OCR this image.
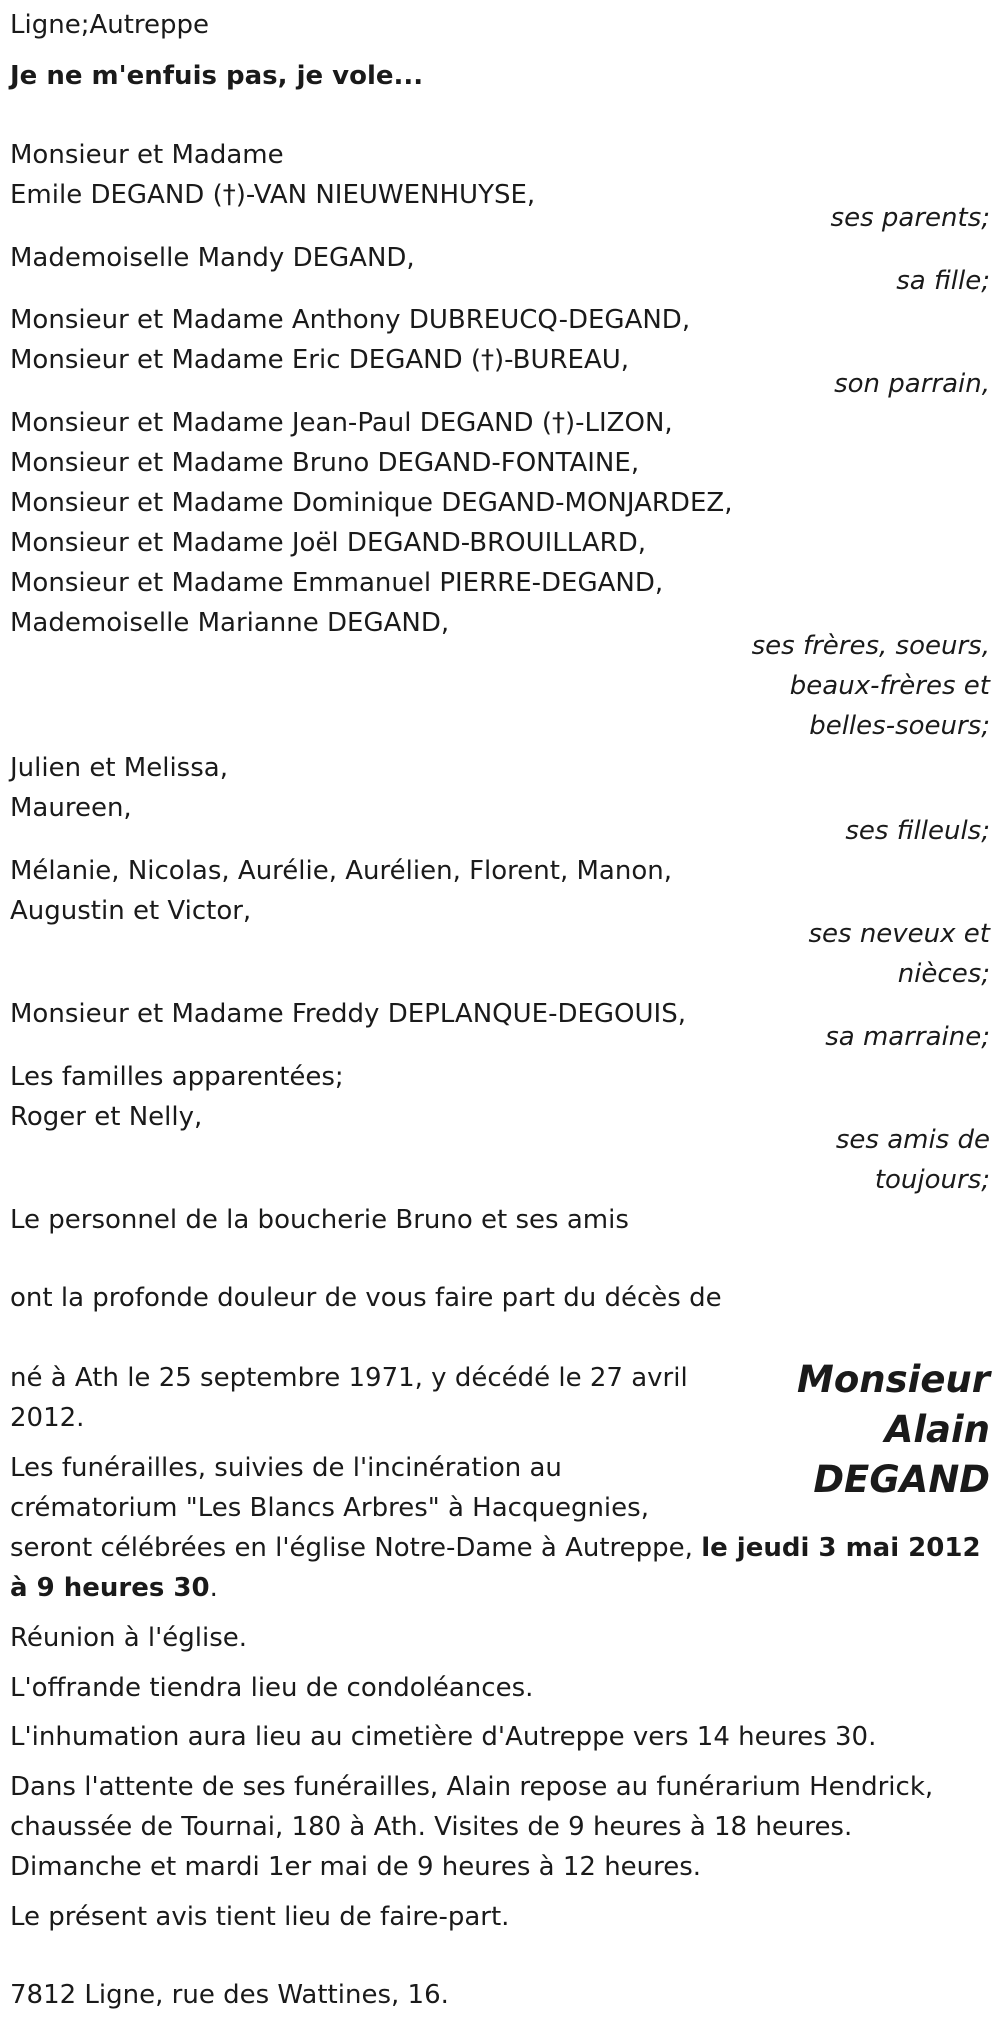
Ligne;Autreppe

Je ne m'enfuis pas, je vole...

Monsieur et Madame

Emile DEGAND (†)-VAN NIEUWENHUYSE,

ses parents;

Mademoiselle Mandy DEGAND,

sa fille;

Monsieur et Madame Anthony DUBREUCQ-DEGAND,

Monsieur et Madame Eric DEGAND (†)-BUREAU,

son parrain,

Monsieur et Madame Jean-Paul DEGAND (†)-LIZON,

Monsieur et Madame Bruno DEGAND-FONTAINE,

Monsieur et Madame Dominique DEGAND-MONJARDEZ,

Monsieur et Madame Joël DEGAND-BROUILLARD,

Monsieur et Madame Emmanuel PIERRE-DEGAND,

Mademoiselle Marianne DEGAND,

ses frères, soeurs,

beaux-frères et

belles-soeurs;

Julien et Melissa,

Maureen,

ses filleuls;

Mélanie, Nicolas, Aurélie, Aurélien, Florent, Manon,

Augustin et Victor,

ses neveux et

nièces;

Monsieur et Madame Freddy DEPLANQUE-DEGOUIS,

sa marraine;

Les familles apparentées;

Roger et Nelly,

ses amis de

toujours;

Le personnel de la boucherie Bruno et ses amis

ont la profonde douleur de vous faire part du décès de

Monsieur
Alain
DEGAND

né à Ath le 25 septembre 1971, y décédé le 27 avril

2012.

Les funérailles, suivies de l'incinération au

crématorium "Les Blancs Arbres" à Hacquegnies,

seront célébrées en l'église Notre-Dame à Autreppe, le jeudi 3 mai 2012

à 9 heures 30.

Réunion à l'église.

L'offrande tiendra lieu de condoléances.

L'inhumation aura lieu au cimetière d'Autreppe vers 14 heures 30.

Dans l'attente de ses funérailles, Alain repose au funérarium Hendrick,

chaussée de Tournai, 180 à Ath. Visites de 9 heures à 18 heures.

Dimanche et mardi 1er mai de 9 heures à 12 heures.

Le présent avis tient lieu de faire-part.

7812 Ligne, rue des Wattines, 16.
